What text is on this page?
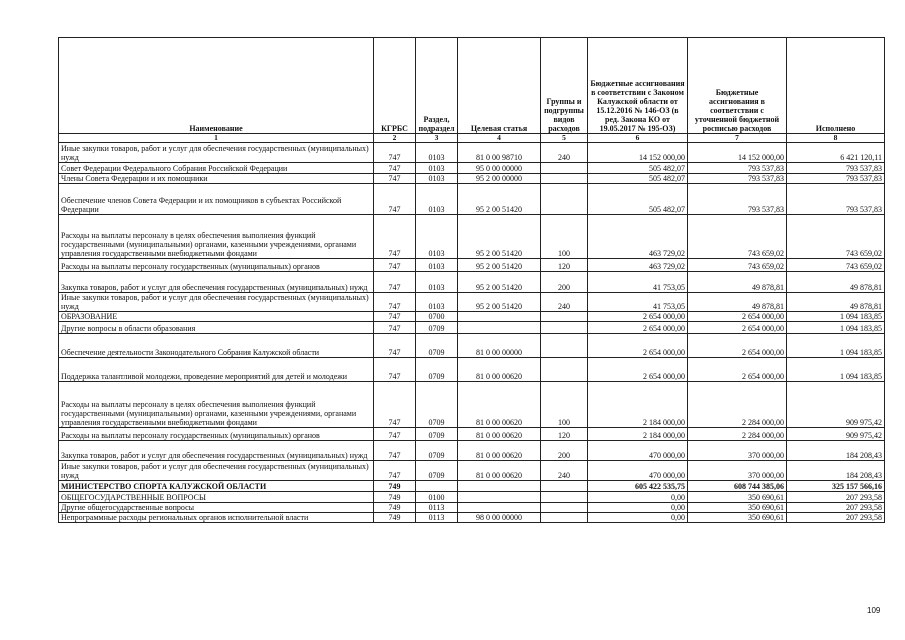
Наименование	КГРБС	Раздел, подраздел	Целевая статья	Группы и подгруппы видов расходов	Бюджетные ассигнования в соответствии с Законом Калужской области от 15.12.2016 № 146-ОЗ (в ред. Закона КО от 19.05.2017 № 195-ОЗ)	Бюджетные ассигнования в соответствии с уточненной бюджетной росписью расходов	Исполнено
1	2	3	4	5	6	7	8
Иные закупки товаров, работ и услуг для обеспечения государственных (муниципальных) нужд	747	0103	81 0 00 98710	240	14 152 000,00	14 152 000,00	6 421 120,11
Совет Федерации Федерального Собрания Российской Федерации	747	0103	95 0 00 00000		505 482,07	793 537,83	793 537,83
Члены Совета Федерации и их помощники	747	0103	95 2 00 00000		505 482,07	793 537,83	793 537,83
Обеспечение членов Совета Федерации и их помощников в субъектах Российской Федерации	747	0103	95 2 00 51420		505 482,07	793 537,83	793 537,83
Расходы на выплаты персоналу в целях обеспечения выполнения функций государственными (муниципальными) органами, казенными учреждениями, органами управления государственными внебюджетными фондами	747	0103	95 2 00 51420	100	463 729,02	743 659,02	743 659,02
Расходы на выплаты персоналу государственных (муниципальных) органов	747	0103	95 2 00 51420	120	463 729,02	743 659,02	743 659,02
Закупка товаров, работ и услуг для обеспечения государственных (муниципальных) нужд	747	0103	95 2 00 51420	200	41 753,05	49 878,81	49 878,81
Иные закупки товаров, работ и услуг для обеспечения государственных (муниципальных) нужд	747	0103	95 2 00 51420	240	41 753,05	49 878,81	49 878,81
ОБРАЗОВАНИЕ	747	0700			2 654 000,00	2 654 000,00	1 094 183,85
Другие вопросы в области образования	747	0709			2 654 000,00	2 654 000,00	1 094 183,85
Обеспечение деятельности Законодательного Собрания Калужской области	747	0709	81 0 00 00000		2 654 000,00	2 654 000,00	1 094 183,85
Поддержка талантливой молодежи, проведение мероприятий для детей и молодежи	747	0709	81 0 00 00620		2 654 000,00	2 654 000,00	1 094 183,85
Расходы на выплаты персоналу в целях обеспечения выполнения функций государственными (муниципальными) органами, казенными учреждениями, органами управления государственными внебюджетными фондами	747	0709	81 0 00 00620	100	2 184 000,00	2 284 000,00	909 975,42
Расходы на выплаты персоналу государственных (муниципальных) органов	747	0709	81 0 00 00620	120	2 184 000,00	2 284 000,00	909 975,42
Закупка товаров, работ и услуг для обеспечения государственных (муниципальных) нужд	747	0709	81 0 00 00620	200	470 000,00	370 000,00	184 208,43
Иные закупки товаров, работ и услуг для обеспечения государственных (муниципальных) нужд	747	0709	81 0 00 00620	240	470 000,00	370 000,00	184 208,43
МИНИСТЕРСТВО СПОРТА КАЛУЖСКОЙ ОБЛАСТИ	749				605 422 535,75	608 744 385,06	325 157 566,16
ОБЩЕГОСУДАРСТВЕННЫЕ ВОПРОСЫ	749	0100			0,00	350 690,61	207 293,58
Другие общегосударственные вопросы	749	0113			0,00	350 690,61	207 293,58
Непрограммные расходы региональных органов исполнительной власти	749	0113	98 0 00 00000		0,00	350 690,61	207 293,58
109
